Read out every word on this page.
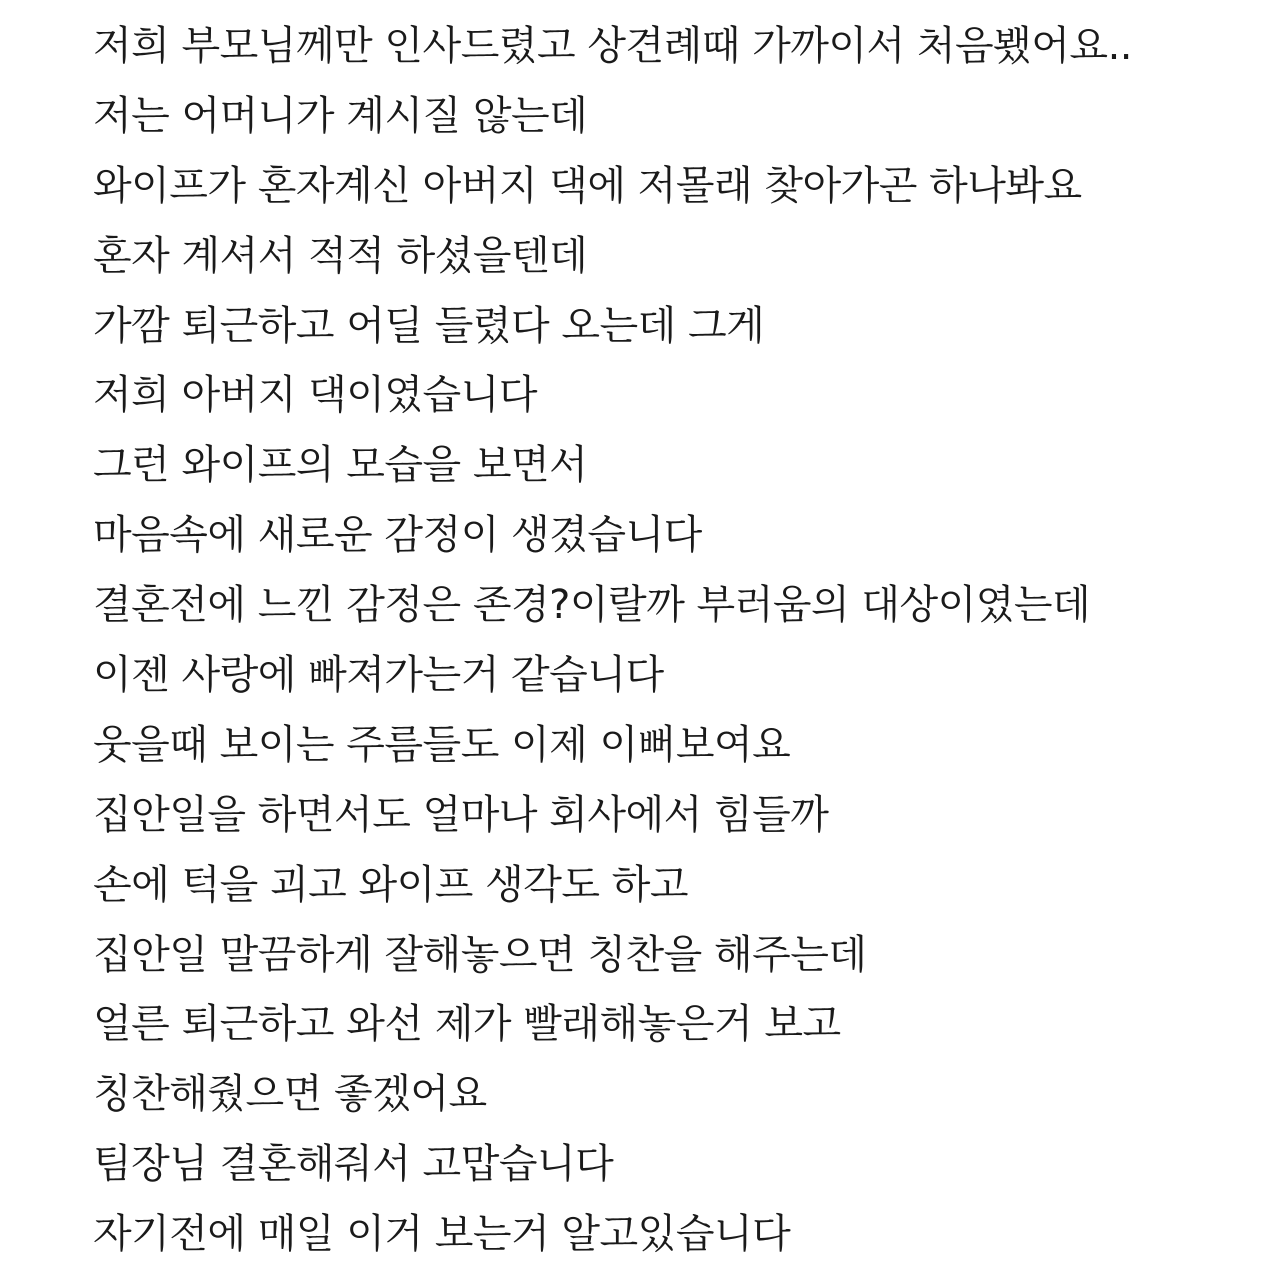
저희 부모님께만 인사드렸고 상견례때 가까이서 처음뵀어요..
저는 어머니가 계시질 않는데
와이프가 혼자계신 아버지 댁에 저몰래 찾아가곤 하나봐요
혼자 계셔서 적적 하셨을텐데
가깜 퇴근하고 어딜 들렸다 오는데 그게
저희 아버지 댁이였습니다
그런 와이프의 모습을 보면서
마음속에 새로운 감정이 생겼습니다
결혼전에 느낀 감정은 존경?이랄까 부러움의 대상이였는데
이젠 사랑에 빠져가는거 같습니다
웃을때 보이는 주름들도 이제 이뻐보여요
집안일을 하면서도 얼마나 회사에서 힘들까
손에 턱을 괴고 와이프 생각도 하고
집안일 말끔하게 잘해놓으면 칭찬을 해주는데
얼른 퇴근하고 와선 제가 빨래해놓은거 보고
칭찬해줬으면 좋겠어요
팀장님 결혼해줘서 고맙습니다
자기전에 매일 이거 보는거 알고있습니다
